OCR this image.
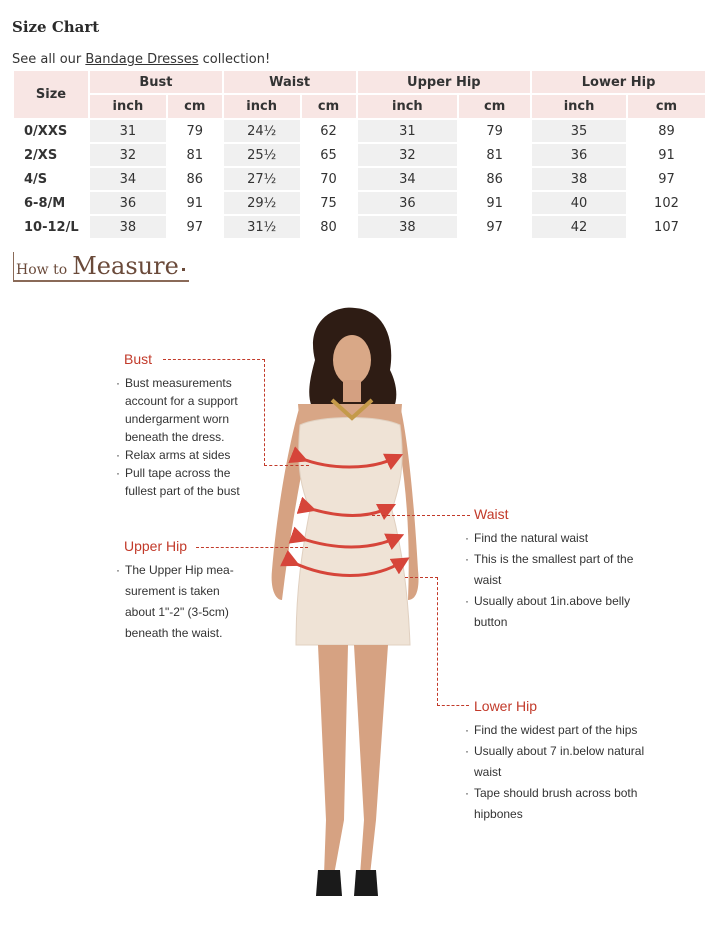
Size Chart
See all our Bandage Dresses collection!
Size	Bust		Waist		Upper Hip		Lower Hip	
	inch	cm	inch	cm	inch	cm	inch	cm
0/XXS	31	79	24½	62	31	79	35	89
2/XS	32	81	25½	65	32	81	36	91
4/S	34	86	27½	70	34	86	38	97
6-8/M	36	91	29½	75	36	91	40	102
10-12/L	38	97	31½	80	38	97	42	107
How to Measure
Bust
· Bust measurements
account for a support
undergarment worn
beneath the dress.
· Relax arms at sides
· Pull tape across the
fullest part of the bust
Upper Hip
· The Upper Hip mea-
surement is taken
about 1"-2" (3-5cm)
beneath the waist.
Waist
· Find the natural waist
· This is the smallest part of the
waist
· Usually about 1in.above belly
button
Lower Hip
· Find the widest part of the hips
· Usually about 7 in.below natural
waist
· Tape should brush across both
hipbones
